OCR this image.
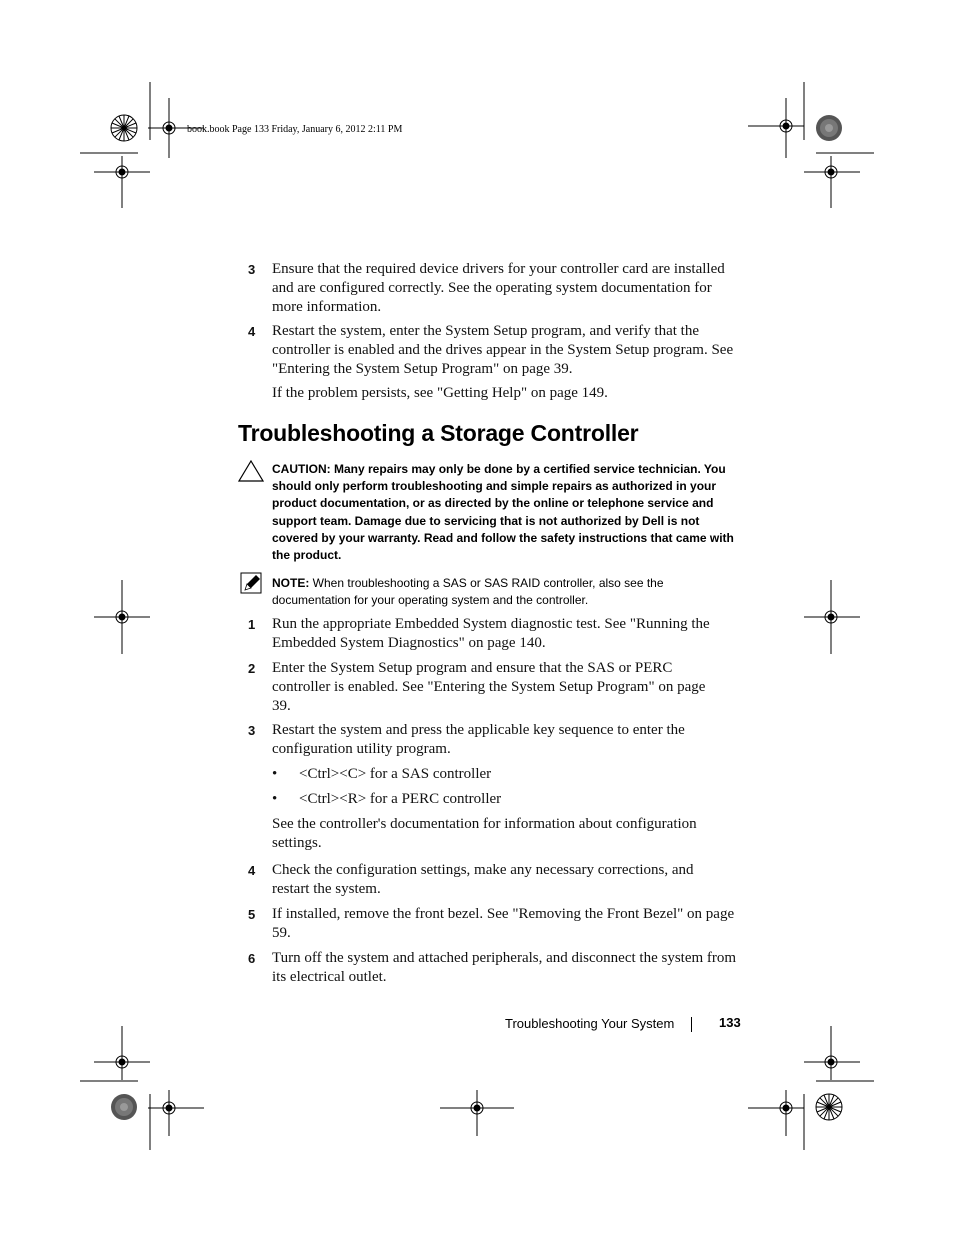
book.book Page 133 Friday, January 6, 2012 2:11 PM
3 Ensure that the required device drivers for your controller card are installed and are configured correctly. See the operating system documentation for more information.
4 Restart the system, enter the System Setup program, and verify that the controller is enabled and the drives appear in the System Setup program. See "Entering the System Setup Program" on page 39.
If the problem persists, see "Getting Help" on page 149.
Troubleshooting a Storage Controller
CAUTION: Many repairs may only be done by a certified service technician. You should only perform troubleshooting and simple repairs as authorized in your product documentation, or as directed by the online or telephone service and support team. Damage due to servicing that is not authorized by Dell is not covered by your warranty. Read and follow the safety instructions that came with the product.
NOTE: When troubleshooting a SAS or SAS RAID controller, also see the documentation for your operating system and the controller.
1 Run the appropriate Embedded System diagnostic test. See "Running the Embedded System Diagnostics" on page 140.
2 Enter the System Setup program and ensure that the SAS or PERC controller is enabled. See "Entering the System Setup Program" on page 39.
3 Restart the system and press the applicable key sequence to enter the configuration utility program.
• <Ctrl><C> for a SAS controller
• <Ctrl><R> for a PERC controller
See the controller's documentation for information about configuration settings.
4 Check the configuration settings, make any necessary corrections, and restart the system.
5 If installed, remove the front bezel. See "Removing the Front Bezel" on page 59.
6 Turn off the system and attached peripherals, and disconnect the system from its electrical outlet.
Troubleshooting Your System	133
